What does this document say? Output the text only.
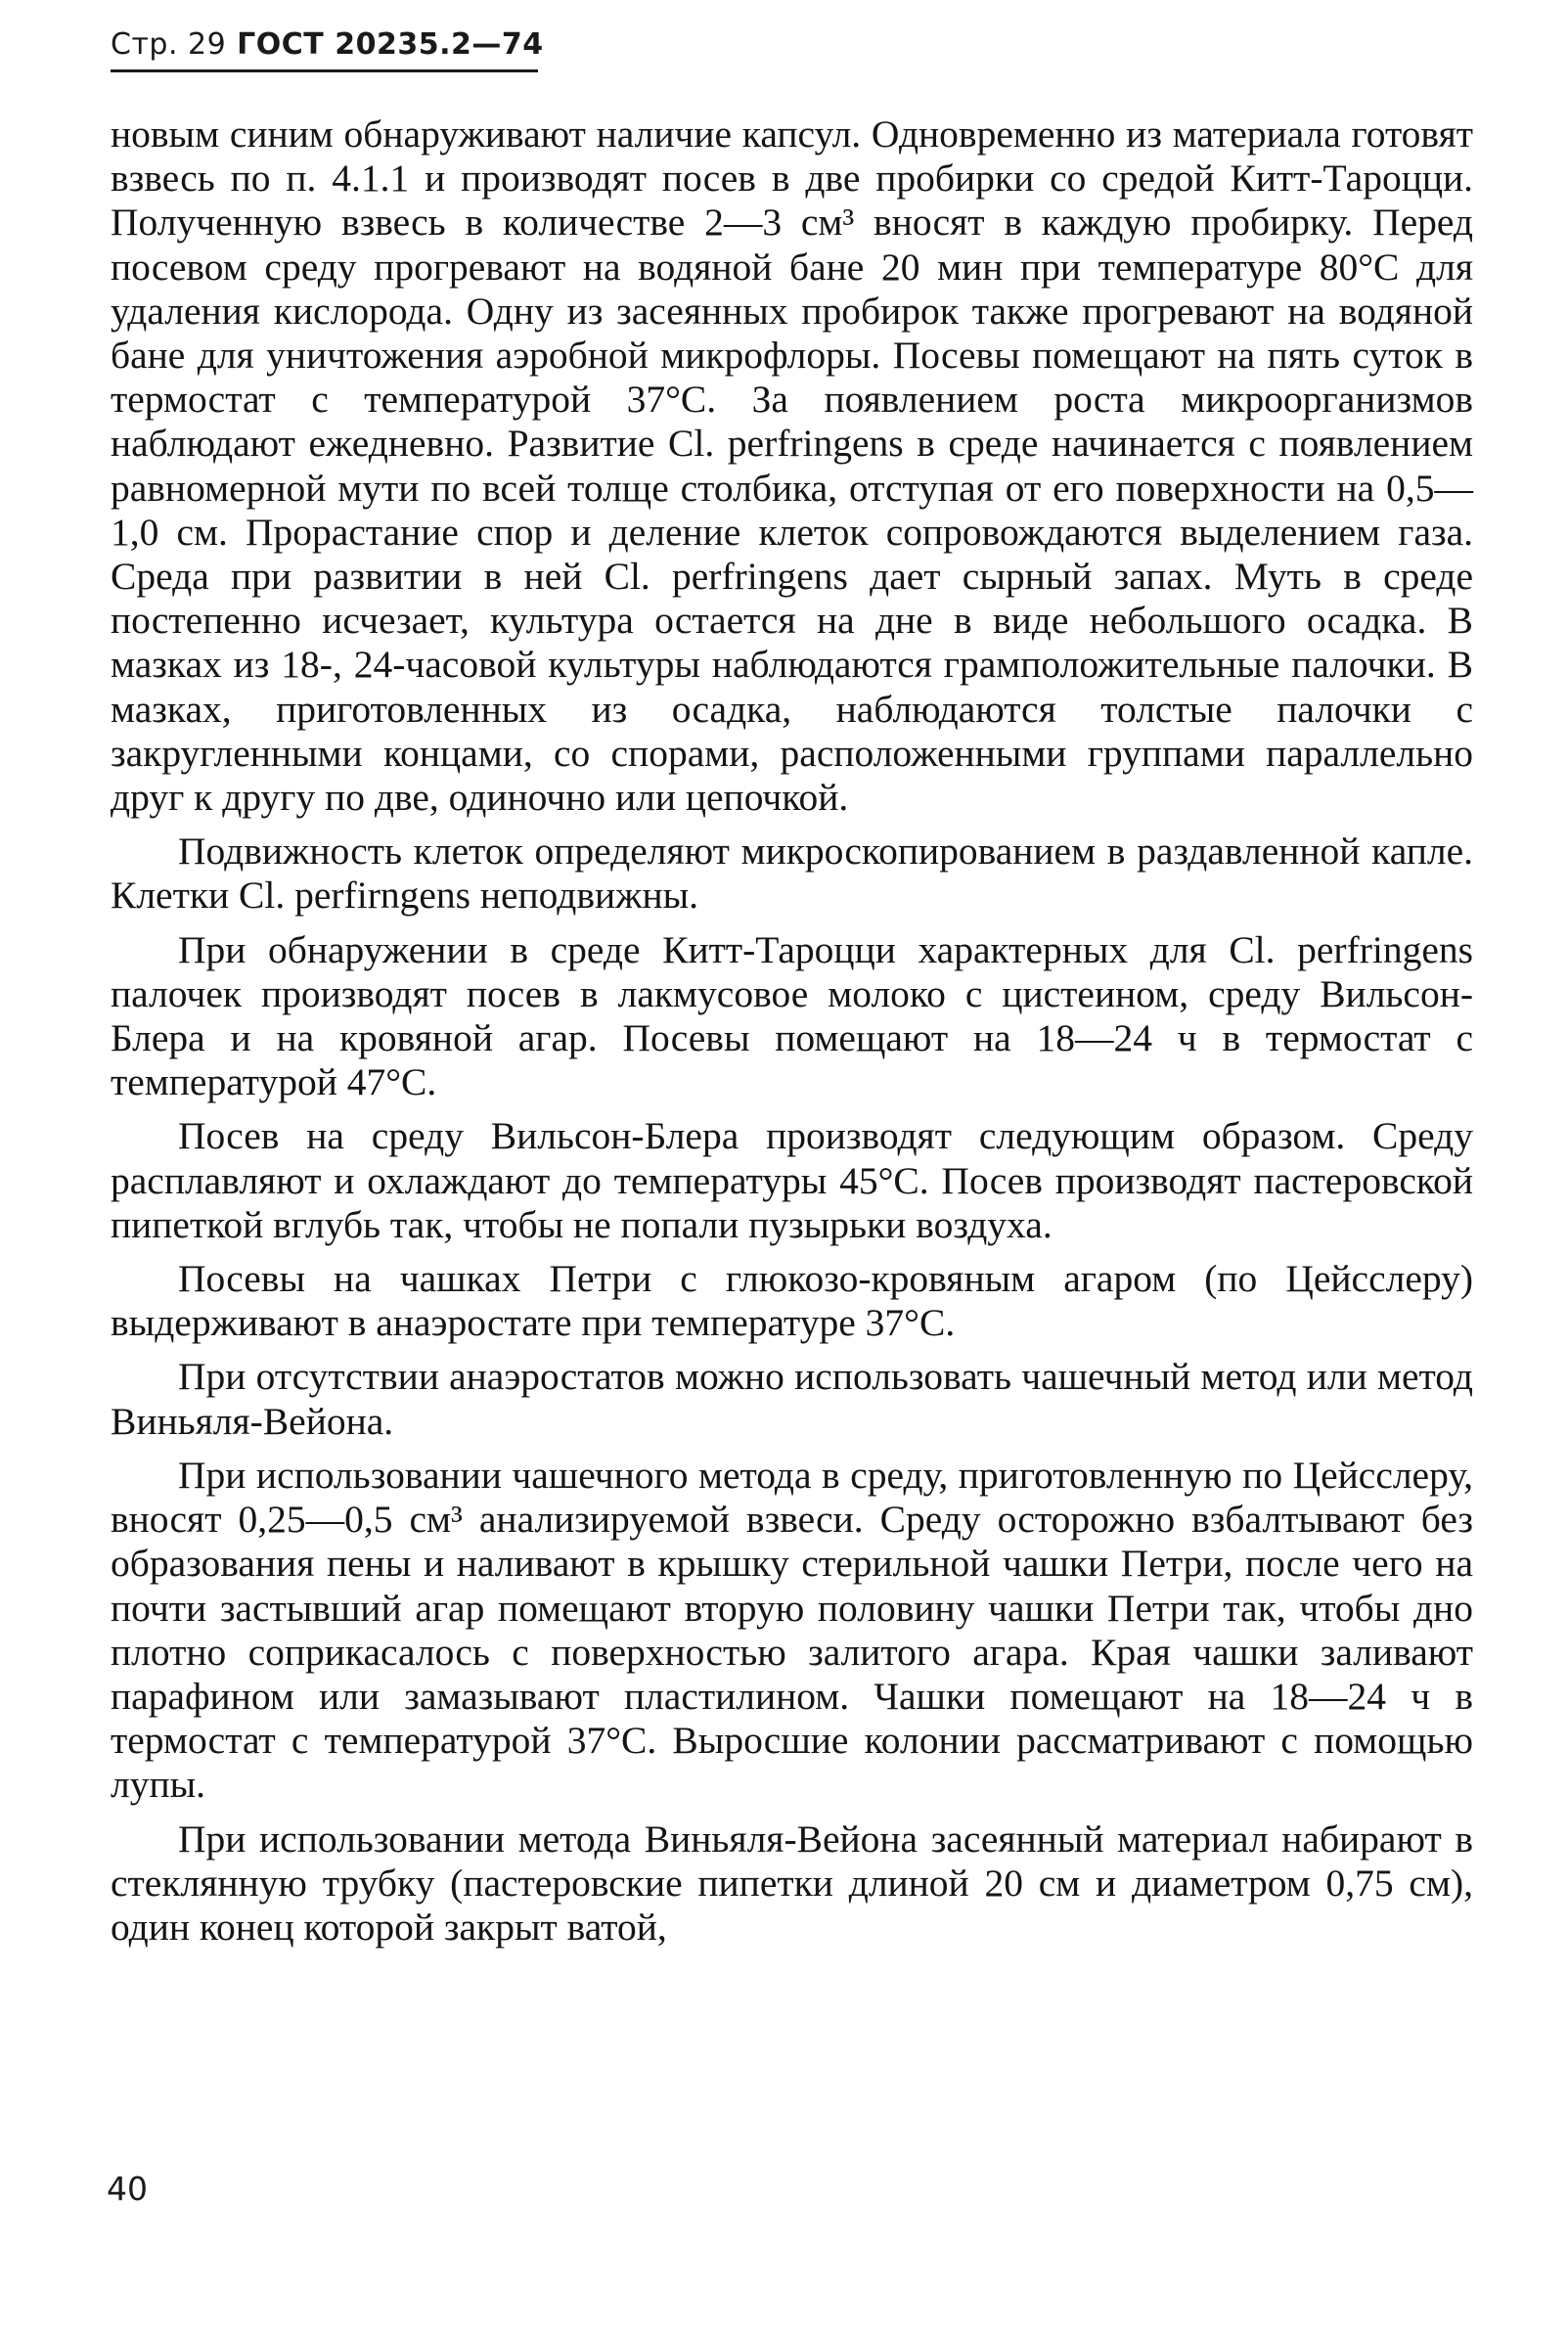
Стр. 29 ГОСТ 20235.2—74

новым синим обнаруживают наличие капсул. Одновременно из материала готовят взвесь по п. 4.1.1 и производят посев в две пробирки со средой Китт-Тароцци. Полученную взвесь в количестве 2—3 см³ вносят в каждую пробирку. Перед посевом среду прогревают на водяной бане 20 мин при температуре 80°С для удаления кислорода. Одну из засеянных пробирок также прогревают на водяной бане для уничтожения аэробной микрофлоры. Посевы помещают на пять суток в термостат с температурой 37°С. За появлением роста микроорганизмов наблюдают ежедневно. Развитие Cl. perfringens в среде начинается с появлением равномерной мути по всей толще столбика, отступая от его поверхности на 0,5—1,0 см. Прорастание спор и деление клеток сопровождаются выделением газа. Среда при развитии в ней Cl. perfringens дает сырный запах. Муть в среде постепенно исчезает, культура остается на дне в виде небольшого осадка. В мазках из 18-, 24-часовой культуры наблюдаются грамположительные палочки. В мазках, приготовленных из осадка, наблюдаются толстые палочки с закругленными концами, со спорами, расположенными группами параллельно друг к другу по две, одиночно или цепочкой.

Подвижность клеток определяют микроскопированием в раздавленной капле. Клетки Cl. perfirngens неподвижны.

При обнаружении в среде Китт-Тароцци характерных для Cl. perfringens палочек производят посев в лакмусовое молоко с цистеином, среду Вильсон-Блера и на кровяной агар. Посевы помещают на 18—24 ч в термостат с температурой 47°С.

Посев на среду Вильсон-Блера производят следующим образом. Среду расплавляют и охлаждают до температуры 45°С. Посев производят пастеровской пипеткой вглубь так, чтобы не попали пузырьки воздуха.

Посевы на чашках Петри с глюкозо-кровяным агаром (по Цейсслеру) выдерживают в анаэростате при температуре 37°С.

При отсутствии анаэростатов можно использовать чашечный метод или метод Виньяля-Вейона.

При использовании чашечного метода в среду, приготовленную по Цейсслеру, вносят 0,25—0,5 см³ анализируемой взвеси. Среду осторожно взбалтывают без образования пены и наливают в крышку стерильной чашки Петри, после чего на почти застывший агар помещают вторую половину чашки Петри так, чтобы дно плотно соприкасалось с поверхностью залитого агара. Края чашки заливают парафином или замазывают пластилином. Чашки помещают на 18—24 ч в термостат с температурой 37°С. Выросшие колонии рассматривают с помощью лупы.

При использовании метода Виньяля-Вейона засеянный материал набирают в стеклянную трубку (пастеровские пипетки длиной 20 см и диаметром 0,75 см), один конец которой закрыт ватой,

40
